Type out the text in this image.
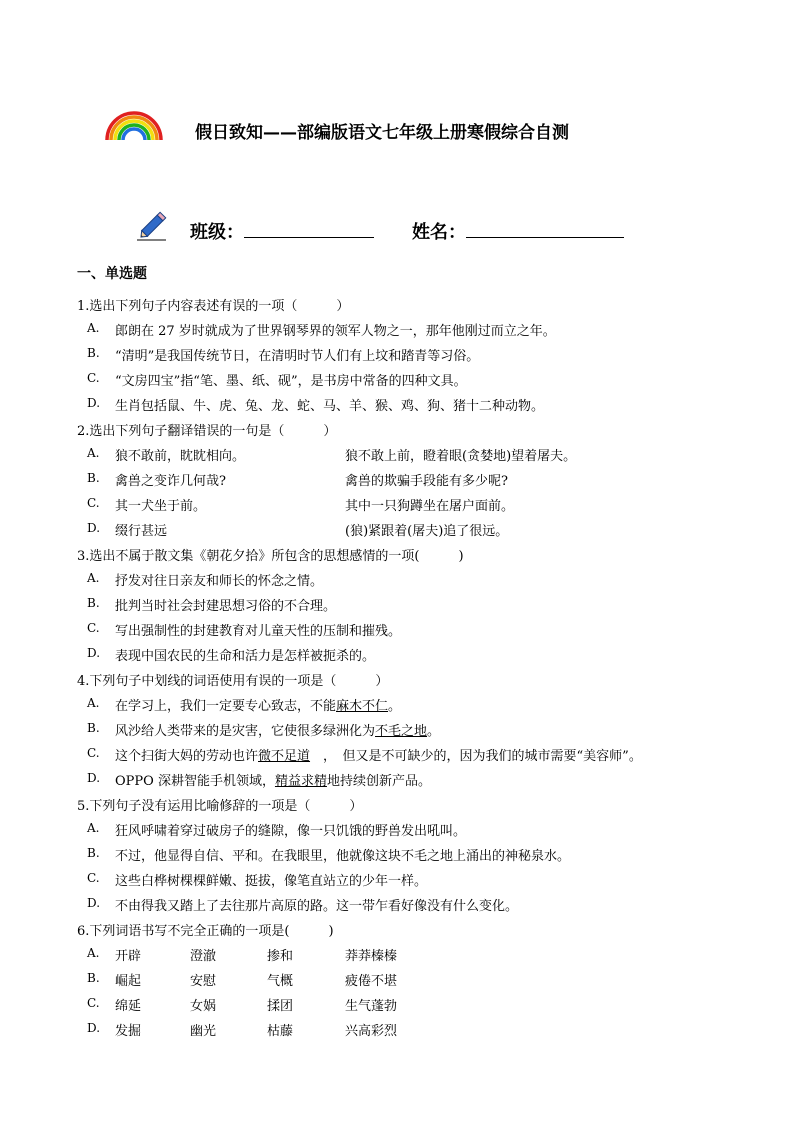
假日致知——部编版语文七年级上册寒假综合自测
班级：	姓名：
一、单选题
1.选出下列句子内容表述有误的一项（　　　）
A. 郎朗在 27 岁时就成为了世界钢琴界的领军人物之一，那年他刚过而立之年。
B. “清明”是我国传统节日，在清明时节人们有上坟和踏青等习俗。
C. “文房四宝”指“笔、墨、纸、砚”，是书房中常备的四种文具。
D. 生肖包括鼠、牛、虎、兔、龙、蛇、马、羊、猴、鸡、狗、猪十二种动物。
2.选出下列句子翻译错误的一句是（　　　）
A. 狼不敢前，眈眈相向。	狼不敢上前，瞪着眼(贪婪地)望着屠夫。
B. 禽兽之变诈几何哉?	禽兽的欺骗手段能有多少呢?
C. 其一犬坐于前。	其中一只狗蹲坐在屠户面前。
D. 缀行甚远	(狼)紧跟着(屠夫)追了很远。
3.选出不属于散文集《朝花夕拾》所包含的思想感情的一项(　　　)
A. 抒发对往日亲友和师长的怀念之情。
B. 批判当时社会封建思想习俗的不合理。
C. 写出强制性的封建教育对儿童天性的压制和摧残。
D. 表现中国农民的生命和活力是怎样被扼杀的。
4.下列句子中划线的词语使用有误的一项是（　　　）
A. 在学习上，我们一定要专心致志，不能麻木不仁。
B. 风沙给人类带来的是灾害，它使很多绿洲化为不毛之地。
C. 这个扫街大妈的劳动也许微不足道　，　但又是不可缺少的，因为我们的城市需要“美容师”。
D. OPPO 深耕智能手机领域，精益求精地持续创新产品。
5.下列句子没有运用比喻修辞的一项是（　　　）
A. 狂风呼啸着穿过破房子的缝隙，像一只饥饿的野兽发出吼叫。
B. 不过，他显得自信、平和。在我眼里，他就像这块不毛之地上涌出的神秘泉水。
C. 这些白桦树棵棵鲜嫩、挺拔，像笔直站立的少年一样。
D. 不由得我又踏上了去往那片高原的路。这一带乍看好像没有什么变化。
6.下列词语书写不完全正确的一项是(　　　)
A. 开辟	澄澈	掺和	莽莽榛榛
B. 崛起	安慰	气概	疲倦不堪
C. 绵延	女娲	揉团	生气蓬勃
D. 发掘	幽光	枯藤	兴高彩烈
